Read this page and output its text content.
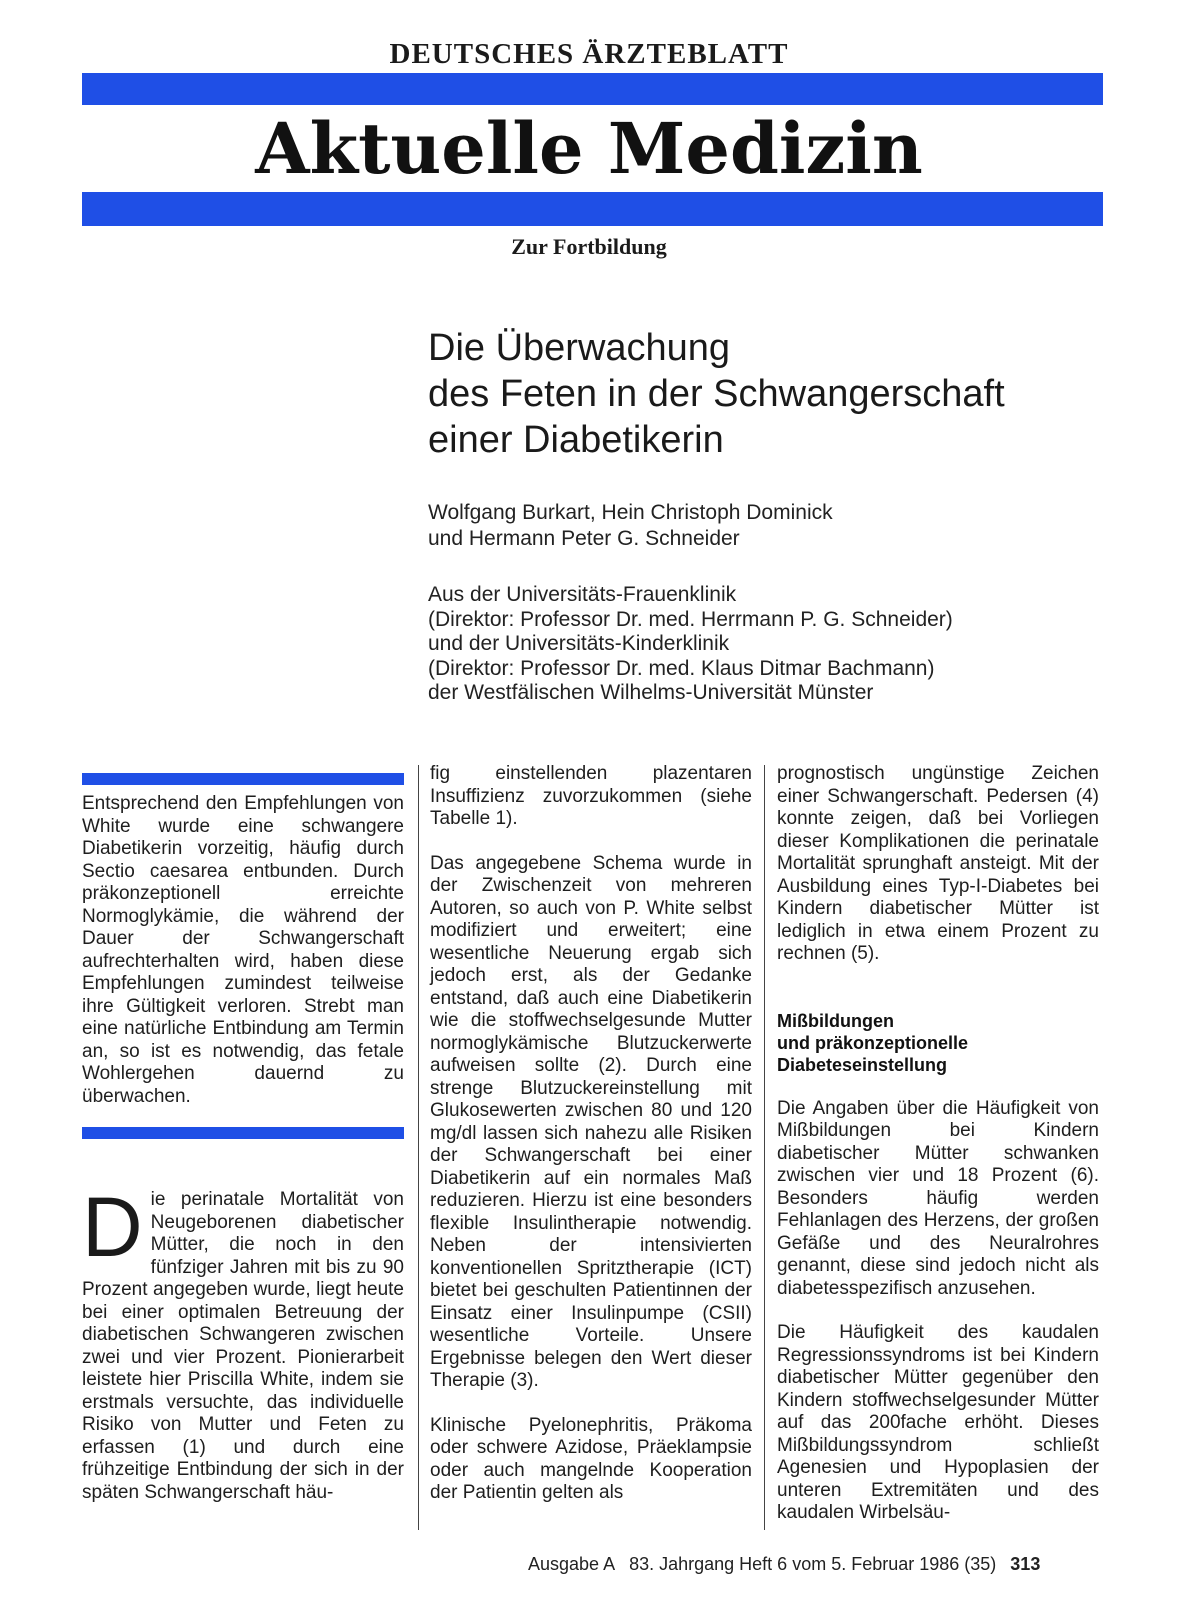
DEUTSCHES ÄRZTEBLATT
Aktuelle Medizin
Zur Fortbildung
Die Überwachung
des Feten in der Schwangerschaft
einer Diabetikerin
Wolfgang Burkart, Hein Christoph Dominick
und Hermann Peter G. Schneider
Aus der Universitäts-Frauenklinik
(Direktor: Professor Dr. med. Herrmann P. G. Schneider)
und der Universitäts-Kinderklinik
(Direktor: Professor Dr. med. Klaus Ditmar Bachmann)
der Westfälischen Wilhelms-Universität Münster

Entsprechend den Empfehlungen von White wurde eine schwangere Diabetikerin vorzeitig, häufig durch Sectio caesarea entbunden. Durch präkonzeptionell erreichte Normoglykämie, die während der Dauer der Schwangerschaft aufrechterhalten wird, haben diese Empfehlungen zumindest teilweise ihre Gültigkeit verloren. Strebt man eine natürliche Entbindung am Termin an, so ist es notwendig, das fetale Wohlergehen dauernd zu überwachen.

D ie perinatale Mortalität von Neugeborenen diabetischer Mütter, die noch in den fünfziger Jahren mit bis zu 90 Prozent angegeben wurde, liegt heute bei einer optimalen Betreuung der diabetischen Schwangeren zwischen zwei und vier Prozent. Pionierarbeit leistete hier Priscilla White, indem sie erstmals versuchte, das individuelle Risiko von Mutter und Feten zu erfassen (1) und durch eine frühzeitige Entbindung der sich in der späten Schwangerschaft häu-

fig einstellenden plazentaren Insuffizienz zuvorzukommen (siehe Tabelle 1).

Das angegebene Schema wurde in der Zwischenzeit von mehreren Autoren, so auch von P. White selbst modifiziert und erweitert; eine wesentliche Neuerung ergab sich jedoch erst, als der Gedanke entstand, daß auch eine Diabetikerin wie die stoffwechselgesunde Mutter normoglykämische Blutzuckerwerte aufweisen sollte (2). Durch eine strenge Blutzuckereinstellung mit Glukosewerten zwischen 80 und 120 mg/dl lassen sich nahezu alle Risiken der Schwangerschaft bei einer Diabetikerin auf ein normales Maß reduzieren. Hierzu ist eine besonders flexible Insulintherapie notwendig. Neben der intensivierten konventionellen Spritztherapie (ICT) bietet bei geschulten Patientinnen der Einsatz einer Insulinpumpe (CSII) wesentliche Vorteile. Unsere Ergebnisse belegen den Wert dieser Therapie (3).

Klinische Pyelonephritis, Präkoma oder schwere Azidose, Präeklampsie oder auch mangelnde Kooperation der Patientin gelten als

prognostisch ungünstige Zeichen einer Schwangerschaft. Pedersen (4) konnte zeigen, daß bei Vorliegen dieser Komplikationen die perinatale Mortalität sprunghaft ansteigt. Mit der Ausbildung eines Typ-I-Diabetes bei Kindern diabetischer Mütter ist lediglich in etwa einem Prozent zu rechnen (5).

Mißbildungen
und präkonzeptionelle
Diabeteseinstellung

Die Angaben über die Häufigkeit von Mißbildungen bei Kindern diabetischer Mütter schwanken zwischen vier und 18 Prozent (6). Besonders häufig werden Fehlanlagen des Herzens, der großen Gefäße und des Neuralrohres genannt, diese sind jedoch nicht als diabetesspezifisch anzusehen.

Die Häufigkeit des kaudalen Regressionssyndroms ist bei Kindern diabetischer Mütter gegenüber den Kindern stoffwechselgesunder Mütter auf das 200fache erhöht. Dieses Mißbildungssyndrom schließt Agenesien und Hypoplasien der unteren Extremitäten und des kaudalen Wirbelsäu-

Ausgabe A   83. Jahrgang Heft 6 vom 5. Februar 1986 (35) 313
